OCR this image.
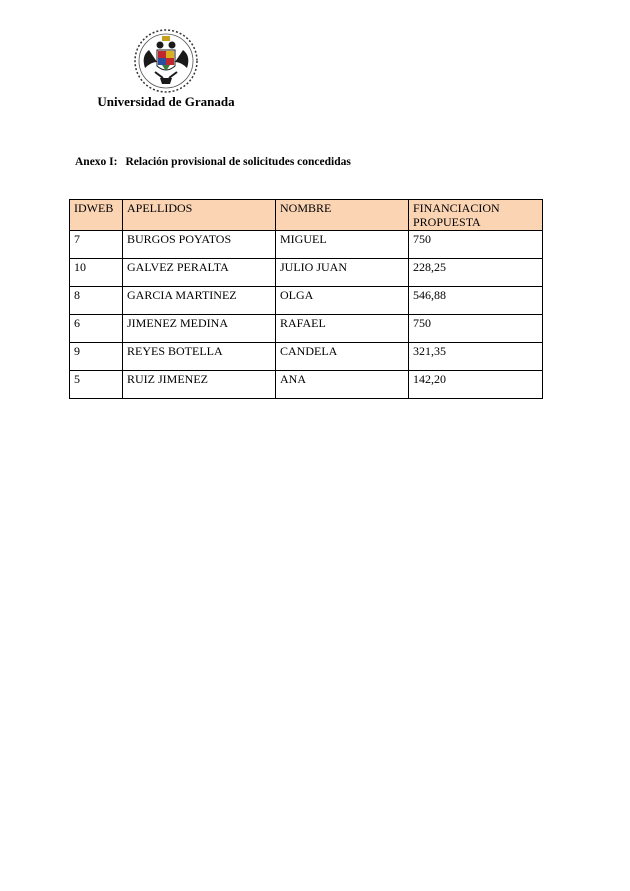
Universidad de Granada
Anexo I: Relación provisional de solicitudes concedidas
IDWEB	APELLIDOS	NOMBRE	FINANCIACION PROPUESTA
7	BURGOS POYATOS	MIGUEL	750
10	GALVEZ PERALTA	JULIO JUAN	228,25
8	GARCIA MARTINEZ	OLGA	546,88
6	JIMENEZ MEDINA	RAFAEL	750
9	REYES BOTELLA	CANDELA	321,35
5	RUIZ JIMENEZ	ANA	142,20
